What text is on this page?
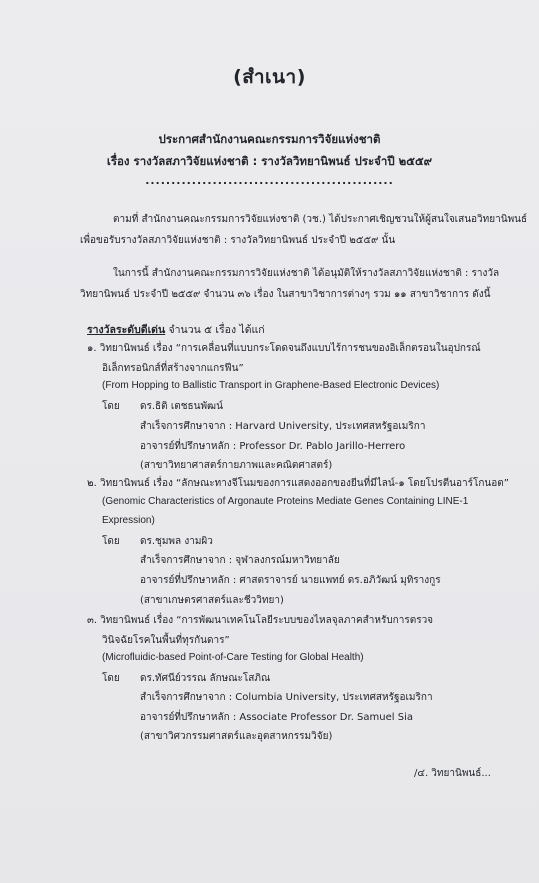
(สำเนา)
ประกาศสำนักงานคณะกรรมการวิจัยแห่งชาติ
เรื่อง รางวัลสภาวิจัยแห่งชาติ : รางวัลวิทยานิพนธ์ ประจำปี ๒๕๕๙
................................................
ตามที่ สำนักงานคณะกรรมการวิจัยแห่งชาติ (วช.) ได้ประกาศเชิญชวนให้ผู้สนใจเสนอวิทยานิพนธ์
เพื่อขอรับรางวัลสภาวิจัยแห่งชาติ : รางวัลวิทยานิพนธ์ ประจำปี ๒๕๕๙ นั้น
ในการนี้ สำนักงานคณะกรรมการวิจัยแห่งชาติ ได้อนุมัติให้รางวัลสภาวิจัยแห่งชาติ : รางวัล
วิทยานิพนธ์ ประจำปี ๒๕๕๙ จำนวน ๓๖ เรื่อง ในสาขาวิชาการต่างๆ รวม ๑๑ สาขาวิชาการ ดังนี้
รางวัลระดับดีเด่น จำนวน ๕ เรื่อง ได้แก่
๑. วิทยานิพนธ์ เรื่อง “การเคลื่อนที่แบบกระโดดจนถึงแบบไร้การชนของอิเล็กตรอนในอุปกรณ์
อิเล็กทรอนิกส์ที่สร้างจากแกรฟีน”
(From Hopping to Ballistic Transport in Graphene-Based Electronic Devices)
โดย ดร.ธิติ เตชธนพัฒน์
สำเร็จการศึกษาจาก : Harvard University, ประเทศสหรัฐอเมริกา
อาจารย์ที่ปรึกษาหลัก : Professor Dr. Pablo Jarillo-Herrero
(สาขาวิทยาศาสตร์กายภาพและคณิตศาสตร์)
๒. วิทยานิพนธ์ เรื่อง “ลักษณะทางจีโนมของการแสดงออกของยีนที่มีไลน์-๑ โดยโปรตีนอาร์โกนอต”
(Genomic Characteristics of Argonaute Proteins Mediate Genes Containing LINE-1
Expression)
โดย ดร.ชุมพล งามผิว
สำเร็จการศึกษาจาก : จุฬาลงกรณ์มหาวิทยาลัย
อาจารย์ที่ปรึกษาหลัก : ศาสตราจารย์ นายแพทย์ ดร.อภิวัฒน์ มุทิรางกูร
(สาขาเกษตรศาสตร์และชีววิทยา)
๓. วิทยานิพนธ์ เรื่อง “การพัฒนาเทคโนโลยีระบบของไหลจุลภาคสำหรับการตรวจ
วินิจฉัยโรคในพื้นที่ทุรกันดาร”
(Microfluidic-based Point-of-Care Testing for Global Health)
โดย ดร.ทัศนีย์วรรณ ลักษณะโสภิณ
สำเร็จการศึกษาจาก : Columbia University, ประเทศสหรัฐอเมริกา
อาจารย์ที่ปรึกษาหลัก : Associate Professor Dr. Samuel Sia
(สาขาวิศวกรรมศาสตร์และอุตสาหกรรมวิจัย)
/๔. วิทยานิพนธ์...
